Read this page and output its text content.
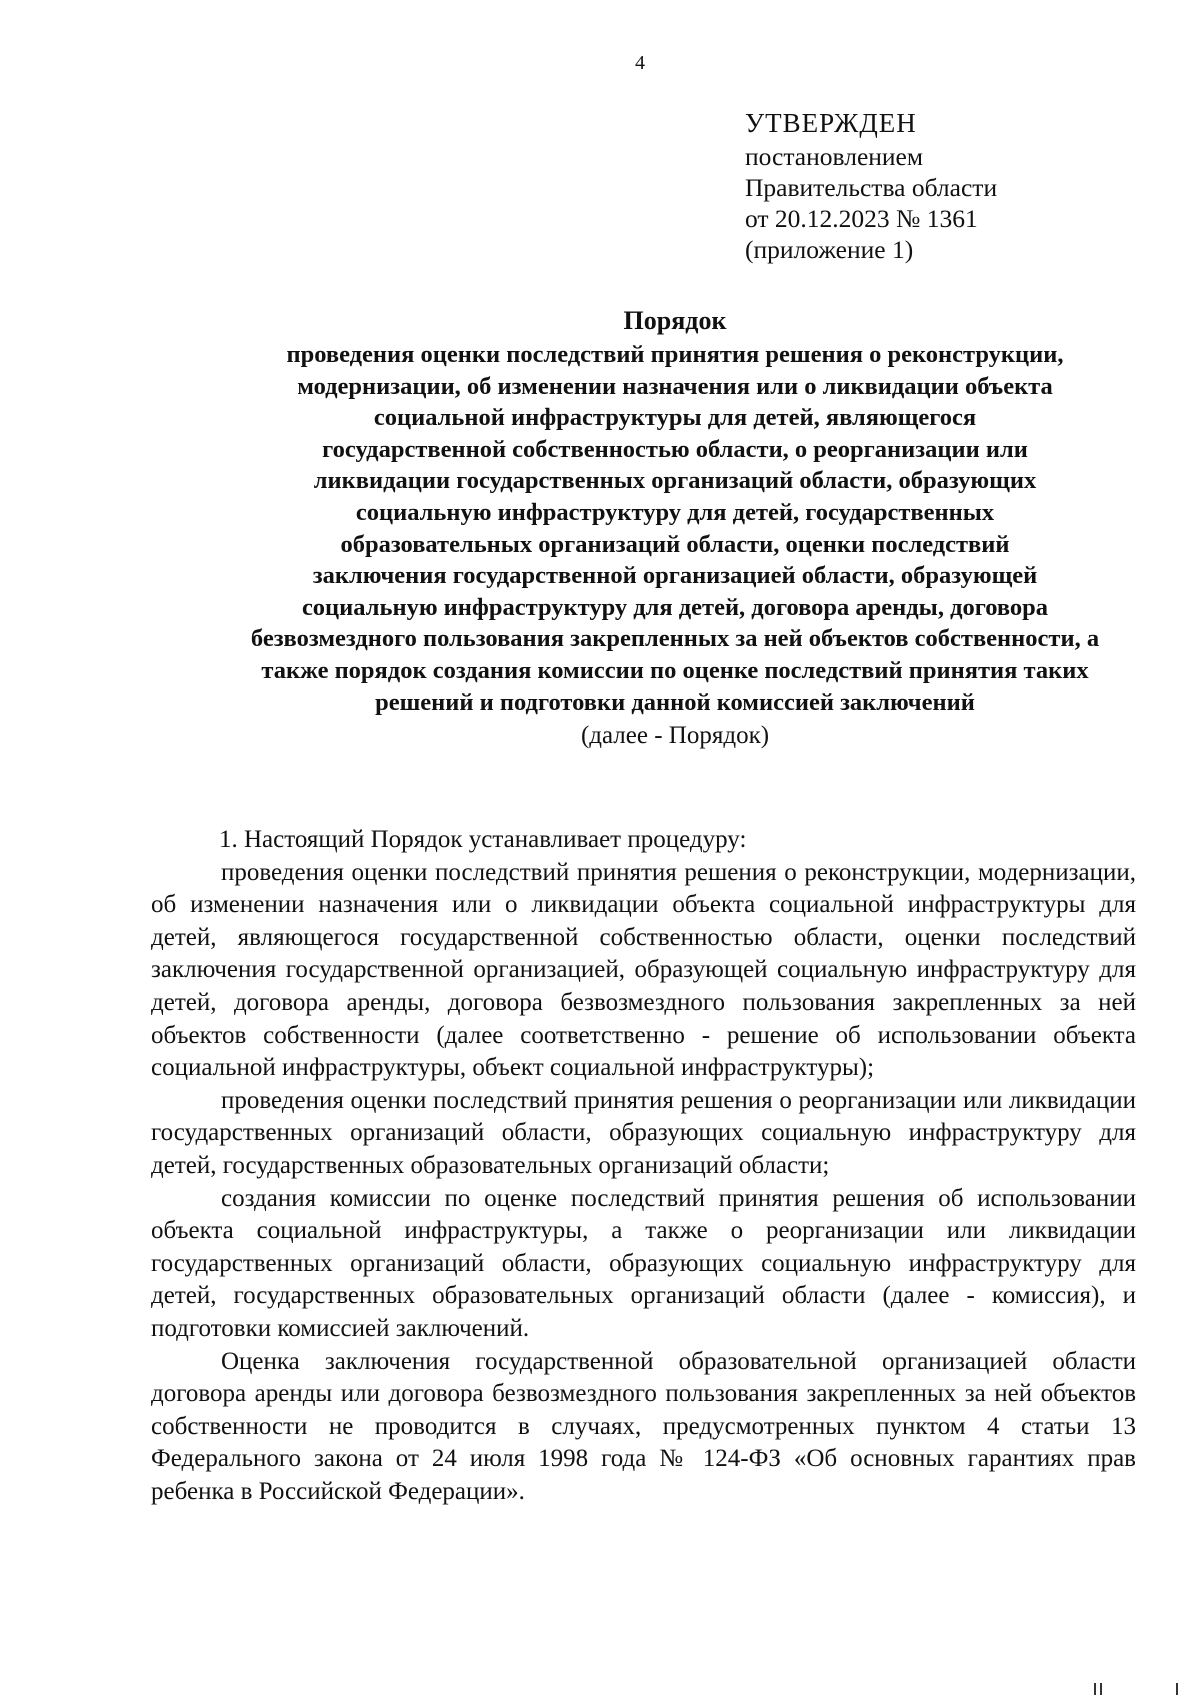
4
УТВЕРЖДЕН
постановлением
Правительства области
от 20.12.2023 № 1361
(приложение 1)
Порядок
проведения оценки последствий принятия решения о реконструкции,
модернизации, об изменении назначения или о ликвидации объекта
социальной инфраструктуры для детей, являющегося
государственной собственностью области, о реорганизации или
ликвидации государственных организаций области, образующих
социальную инфраструктуру для детей, государственных
образовательных организаций области, оценки последствий
заключения государственной организацией области, образующей
социальную инфраструктуру для детей, договора аренды, договора
безвозмездного пользования закрепленных за ней объектов собственности, а
также порядок создания комиссии по оценке последствий принятия таких
решений и подготовки данной комиссией заключений
(далее - Порядок)

1. Настоящий Порядок устанавливает процедуру:

проведения оценки последствий принятия решения о реконструкции, модернизации, об изменении назначения или о ликвидации объекта социальной инфраструктуры для детей, являющегося государственной собственностью области, оценки последствий заключения государственной организацией, образующей социальную инфраструктуру для детей, договора аренды, договора безвозмездного пользования закрепленных за ней объектов собственности (далее соответственно - решение об использовании объекта социальной инфраструктуры, объект социальной инфраструктуры);

проведения оценки последствий принятия решения о реорганизации или ликвидации государственных организаций области, образующих социальную инфраструктуру для детей, государственных образовательных организаций области;

создания комиссии по оценке последствий принятия решения об использовании объекта социальной инфраструктуры, а также о реорганизации или ликвидации государственных организаций области, образующих социальную инфраструктуру для детей, государственных образовательных организаций области (далее - комиссия), и подготовки комиссией заключений.

Оценка заключения государственной образовательной организацией области договора аренды или договора безвозмездного пользования закрепленных за ней объектов собственности не проводится в случаях, предусмотренных пунктом 4 статьи 13 Федерального закона от 24 июля 1998 года № 124-ФЗ «Об основных гарантиях прав ребенка в Российской Федерации».
